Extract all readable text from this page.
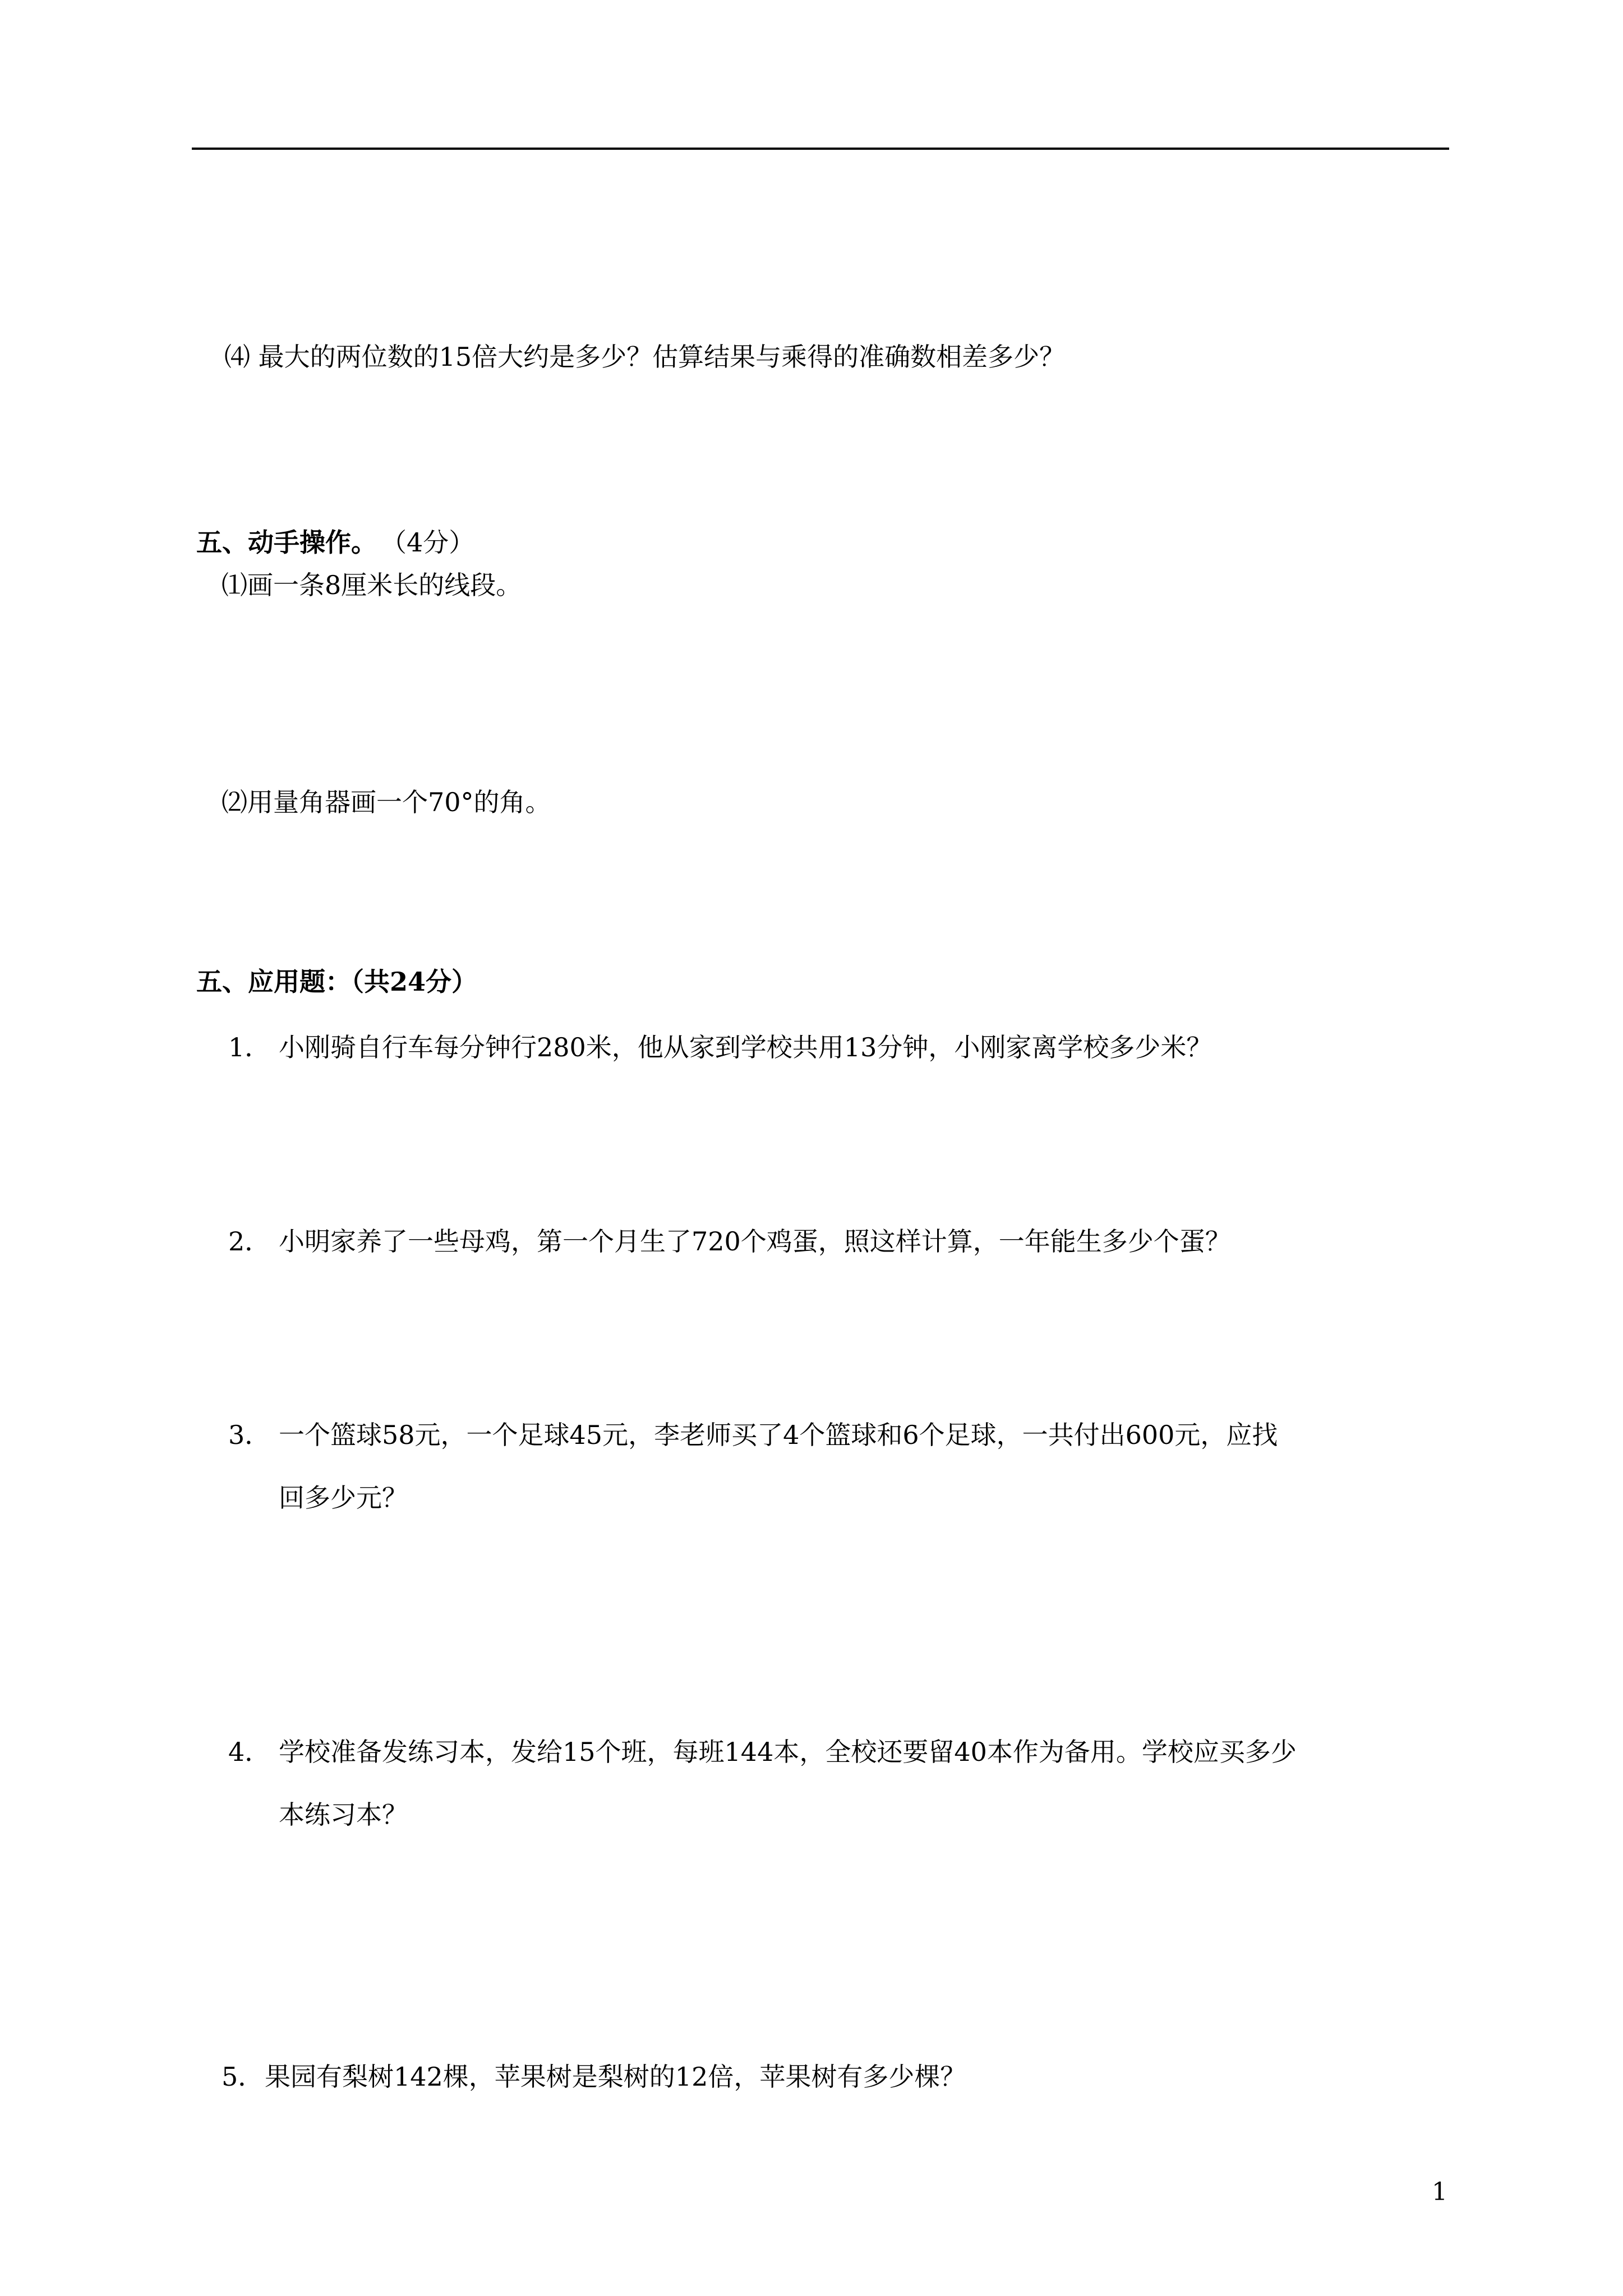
⑷ 最大的两位数的15倍大约是多少？估算结果与乘得的准确数相差多少？
五、动手操作。 （4分）
⑴画一条8厘米长的线段。
⑵用量角器画一个70°的角。
五、应用题：（共24分）
1． 小刚骑自行车每分钟行280米，他从家到学校共用13分钟，小刚家离学校多少米？
2． 小明家养了一些母鸡，第一个月生了720个鸡蛋，照这样计算，一年能生多少个蛋？
3． 一个篮球58元，一个足球45元，李老师买了4个篮球和6个足球，一共付出600元，应找
回多少元？
4． 学校准备发练习本，发给15个班，每班144本，全校还要留40本作为备用。学校应买多少
本练习本？
5． 果园有梨树142棵，苹果树是梨树的12倍，苹果树有多少棵？
1
